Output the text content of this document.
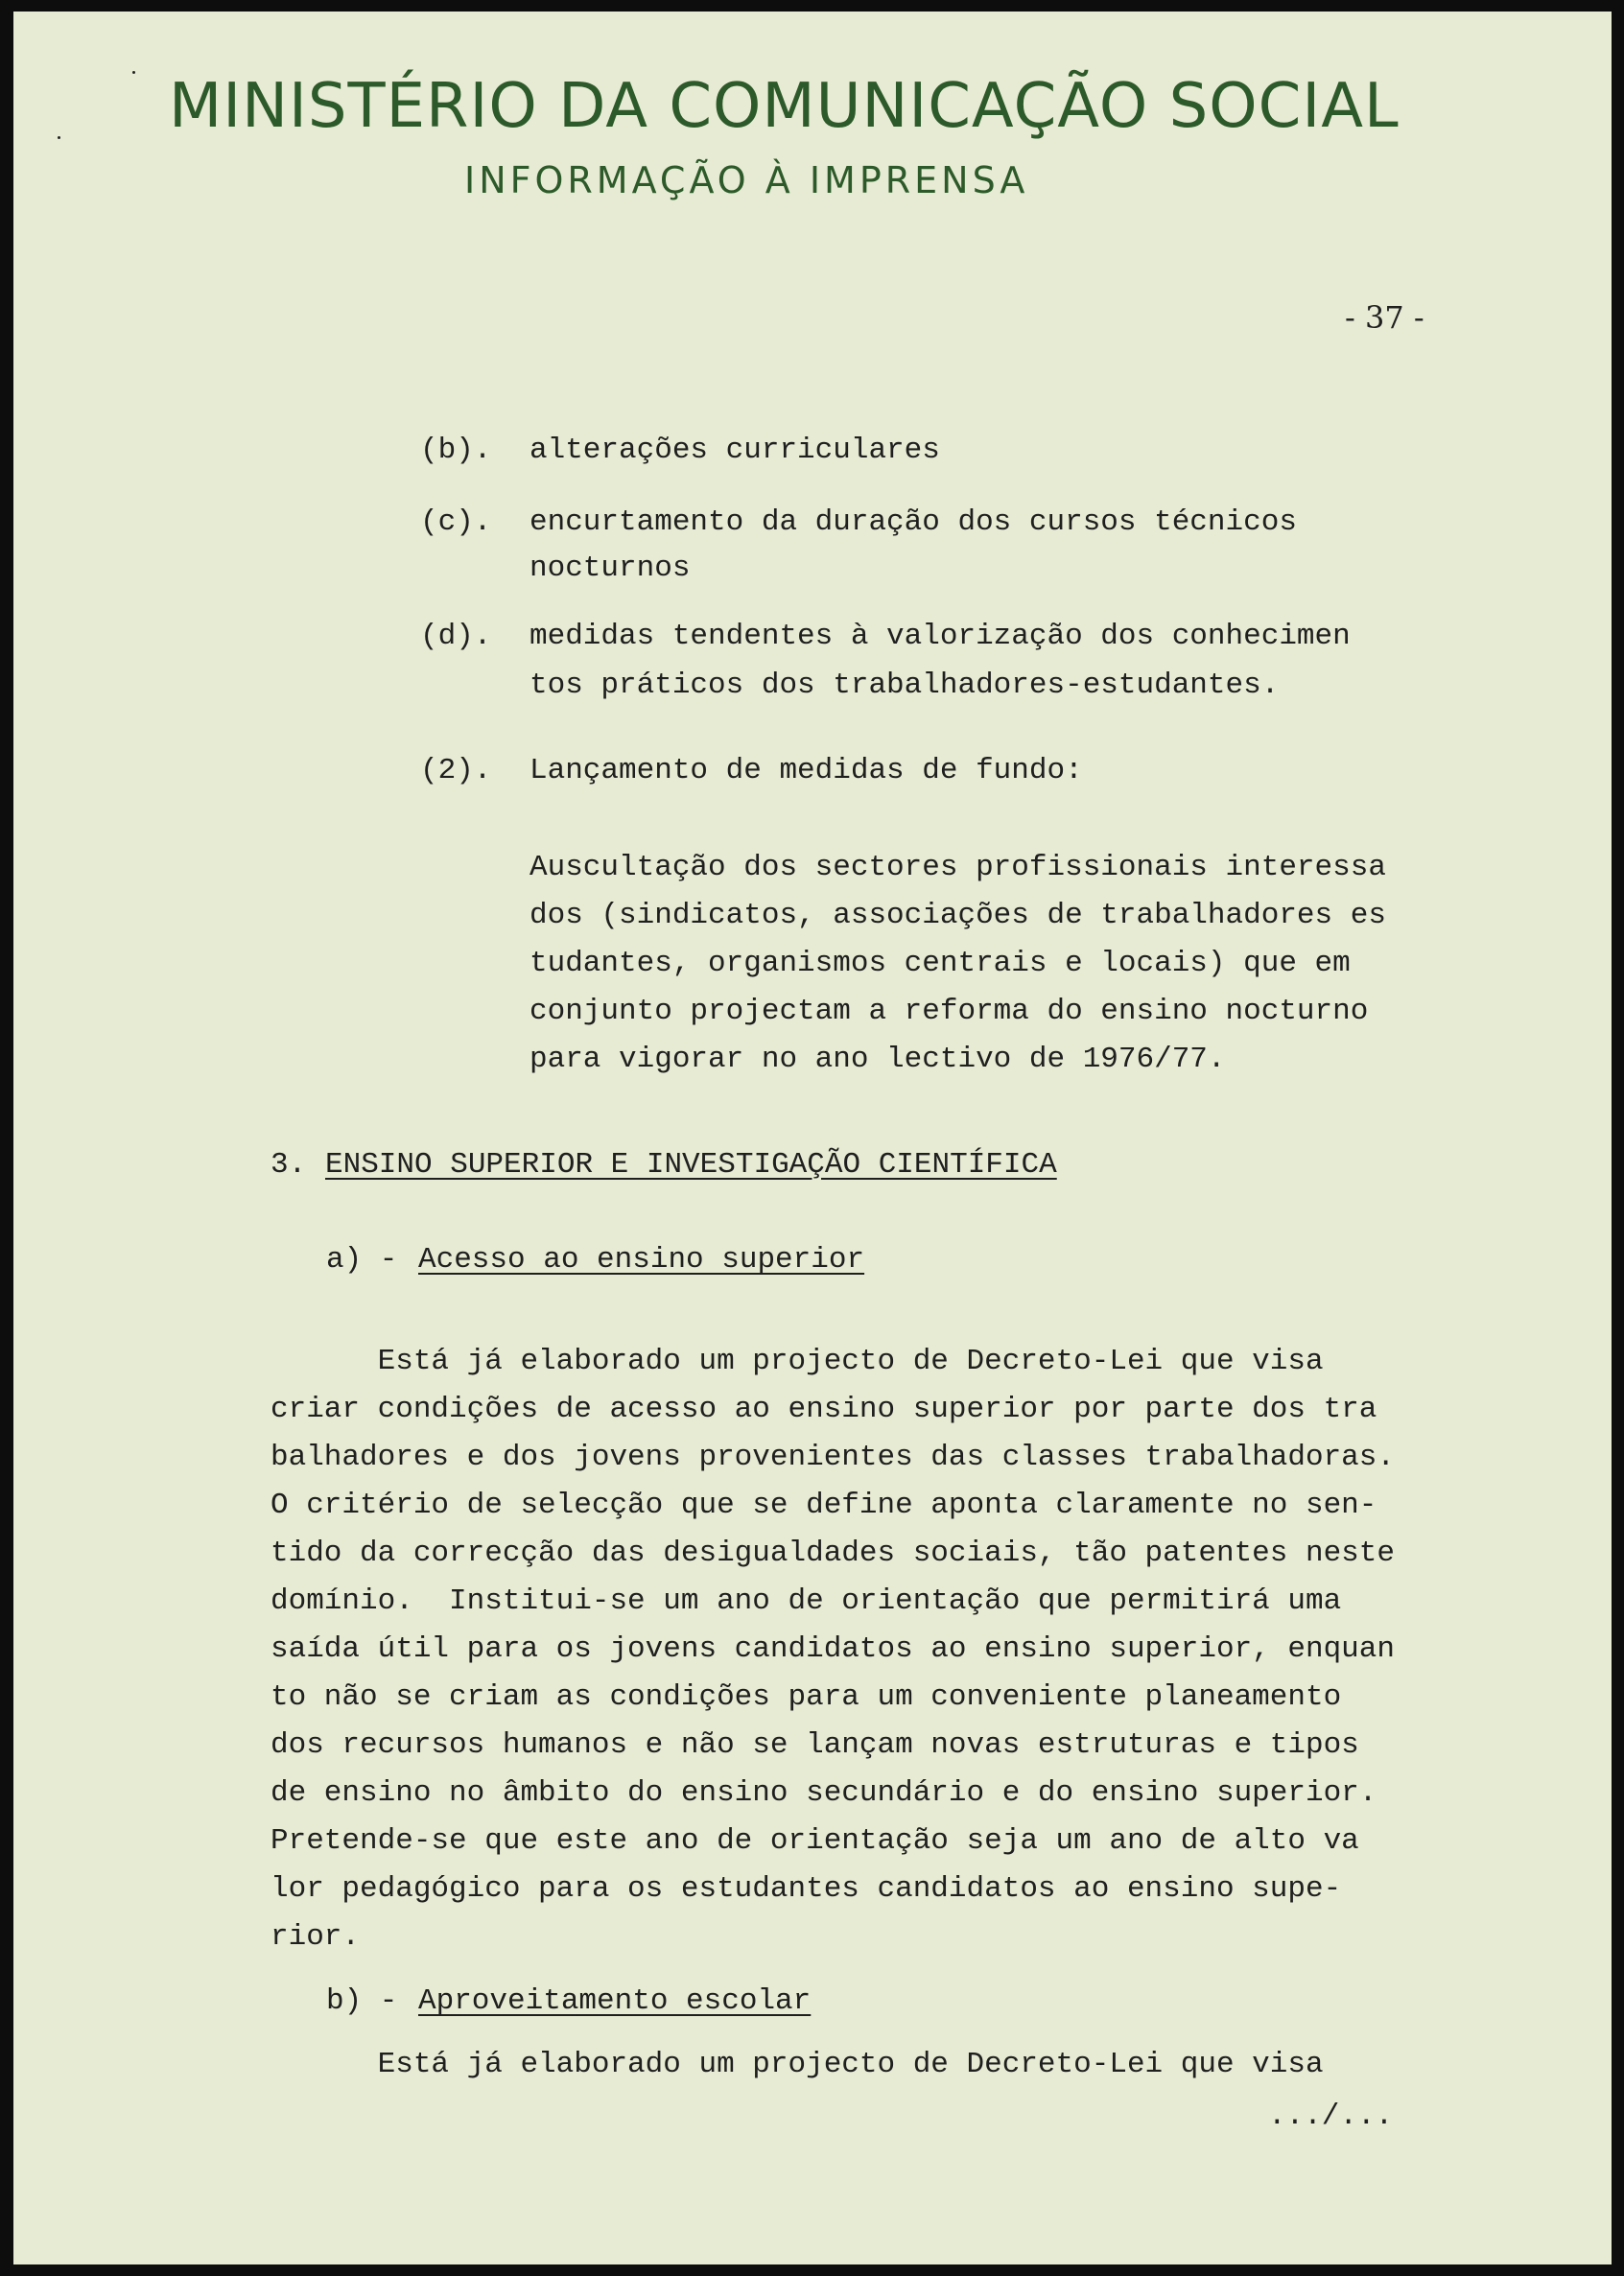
MINISTÉRIO DA COMUNICAÇÃO SOCIAL
INFORMAÇÃO À IMPRENSA
- 37 -
(b). alterações curriculares
(c). encurtamento da duração dos cursos técnicos
nocturnos
(d). medidas tendentes à valorização dos conhecimen
tos práticos dos trabalhadores-estudantes.
(2). Lançamento de medidas de fundo:
Auscultação dos sectores profissionais interessa
dos (sindicatos, associações de trabalhadores es
tudantes, organismos centrais e locais) que em
conjunto projectam a reforma do ensino nocturno
para vigorar no ano lectivo de 1976/77.
3. ENSINO SUPERIOR E INVESTIGAÇÃO CIENTÍFICA
a) - Acesso ao ensino superior
Está já elaborado um projecto de Decreto-Lei que visa
criar condições de acesso ao ensino superior por parte dos tra
balhadores e dos jovens provenientes das classes trabalhadoras.
O critério de selecção que se define aponta claramente no sen-
tido da correcção das desigualdades sociais, tão patentes neste
domínio.  Institui-se um ano de orientação que permitirá uma
saída útil para os jovens candidatos ao ensino superior, enquan
to não se criam as condições para um conveniente planeamento
dos recursos humanos e não se lançam novas estruturas e tipos
de ensino no âmbito do ensino secundário e do ensino superior.
Pretende-se que este ano de orientação seja um ano de alto va
lor pedagógico para os estudantes candidatos ao ensino supe-
rior.
b) - Aproveitamento escolar
Está já elaborado um projecto de Decreto-Lei que visa
.../...
